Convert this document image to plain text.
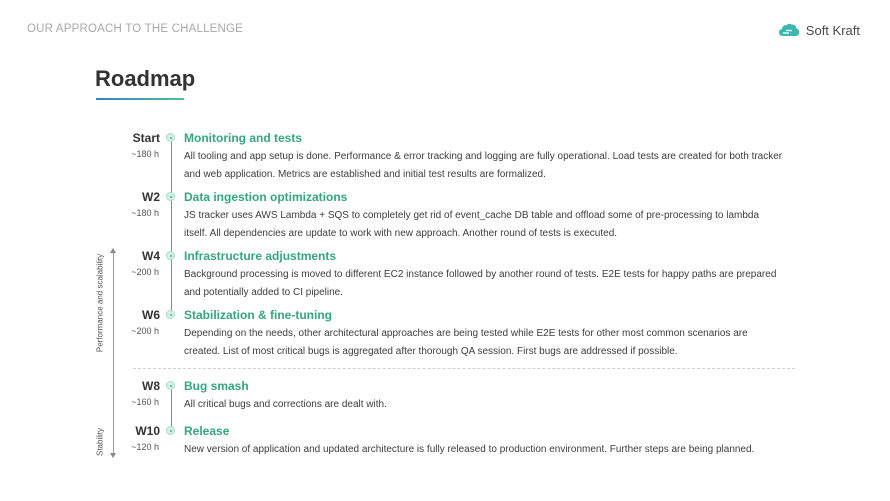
OUR APPROACH TO THE CHALLENGE	Soft Kraft
Roadmap
Performance and scalability
Stability
Start
~180 h
Monitoring and tests
All tooling and app setup is done. Performance & error tracking and logging are fully operational. Load tests are created for both tracker and web application. Metrics are established and initial test results are formalized.
W2
~180 h
Data ingestion optimizations
JS tracker uses AWS Lambda + SQS to completely get rid of event_cache DB table and offload some of pre-processing to lambda itself. All dependencies are update to work with new approach. Another round of tests is executed.
W4
~200 h
Infrastructure adjustments
Background processing is moved to different EC2 instance followed by another round of tests. E2E tests for happy paths are prepared and potentially added to CI pipeline.
W6
~200 h
Stabilization & fine-tuning
Depending on the needs, other architectural approaches are being tested while E2E tests for other most common scenarios are created. List of most critical bugs is aggregated after thorough QA session. First bugs are addressed if possible.
W8
~160 h
Bug smash
All critical bugs and corrections are dealt with.
W10
~120 h
Release
New version of application and updated architecture is fully released to production environment. Further steps are being planned.
